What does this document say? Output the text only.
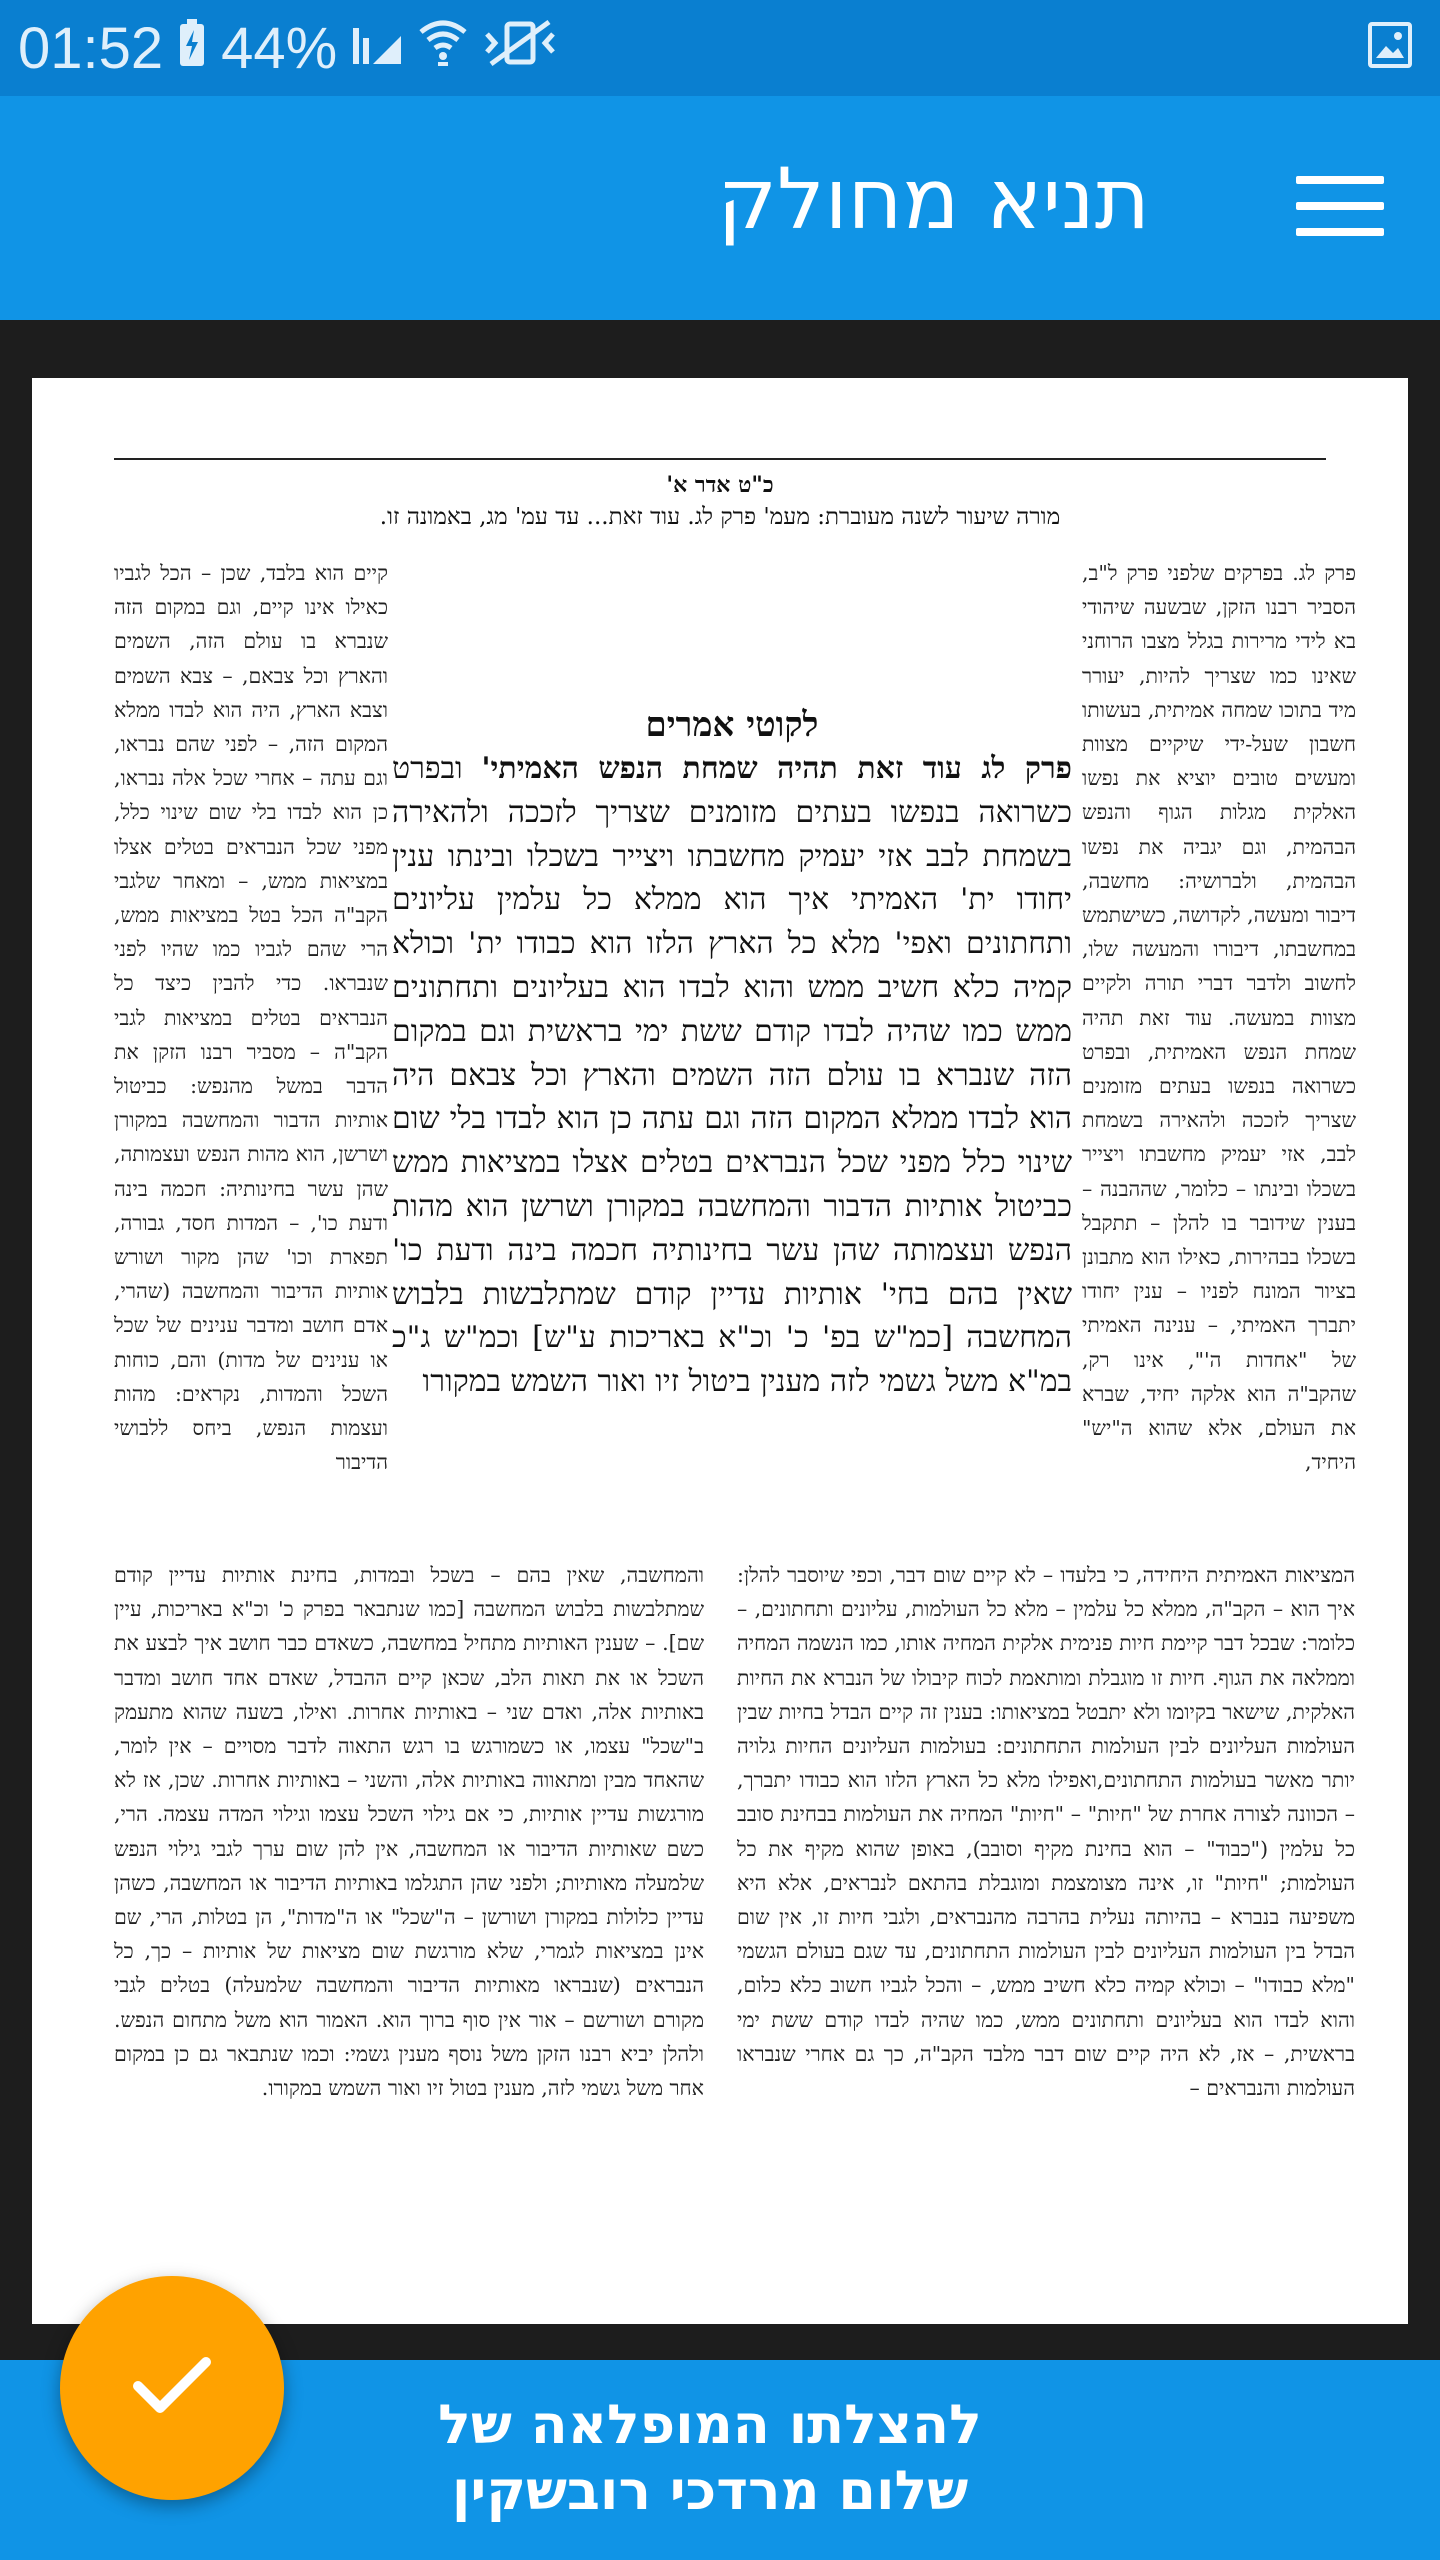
01:52 44%
תניא מחולק
כ"ט אדר א'
מורה שיעור לשנה מעוברת: מעמ' פרק לג. עוד זאת... עד עמ' מג, באמונה זו.
פרק לג. בפרקים שלפני פרק ל"ב, הסביר רבנו הזקן, שבשעה שיהודי בא לידי מרירות בגלל מצבו הרוחני שאינו כמו שצריך להיות, יעורר מיד בתוכו שמחה אמיתית, בעשותו חשבון שעל-ידי שיקיים מצוות ומעשים טובים יוציא את נפשו האלקית מגלות הגוף והנפש הבהמית, וגם יגביה את נפשו הבהמית, ולברושיה: מחשבה, דיבור ומעשה, לקדושה, כשישתמש במחשבתו, דיבורו והמעשה שלו, לחשוב ולדבר דברי תורה ולקיים מצוות במעשה. עוד זאת תהיה שמחת הנפש האמיתית, ובפרט כשרואה בנפשו בעתים מזומנים שצריך לזככה ולהאירה בשמחת לבב, אזי יעמיק מחשבתו ויצייר בשכלו ובינתו – כלומר, שההבנה – בענין שידובר בו להלן – תתקבל בשכלו בבהירות, כאילו הוא מתבונן בציור המונח לפניו – ענין יחודו יתברך האמיתי, – ענינה האמיתי של "אחדות ה'", אינו רק, שהקב"ה הוא אלקה יחיד, שברא את העולם, אלא שהוא ה"יש" היחיד,
קיים הוא בלבד, שכן – הכל לגביו כאילו אינו קיים, וגם במקום הזה שנברא בו עולם הזה, השמים והארץ וכל צבאם, – צבא השמים וצבא הארץ, היה הוא לבדו ממלא המקום הזה, – לפני שהם נבראו, וגם עתה – אחרי שכל אלה נבראו, כן הוא לבדו בלי שום שינוי כלל, מפני שכל הנבראים בטלים אצלו במציאות ממש, – ומאחר שלגבי הקב"ה הכל בטל במציאות ממש, הרי שהם לגביו כמו שהיו לפני שנבראו. כדי להבין כיצד כל הנבראים בטלים במציאות לגבי הקב"ה – מסביר רבנו הזקן את הדבר במשל מהנפש: כביטול אותיות הדבור והמחשבה במקורן ושרשן, הוא מהות הנפש ועצמותה, שהן עשר בחינותיה: חכמה בינה ודעת כו', – המדות חסד, גבורה, תפארת וכו' שהן מקור ושורש אותיות הדיבור והמחשבה (שהרי, אדם חושב ומדבר ענינים של שכל או ענינים של מדות) והם, כוחות השכל והמדות, נקראים: מהות ועצמות הנפש, ביחס ללבושי הדיבור
לקוטי אמרים
פרק לג עוד זאת תהיה שמחת הנפש האמיתי' ובפרט כשרואה בנפשו בעתים מזומנים שצריך לזככה ולהאירה בשמחת לבב אזי יעמיק מחשבתו ויצייר בשכלו ובינתו ענין יחודו ית' האמיתי איך הוא ממלא כל עלמין עליונים ותחתונים ואפי' מלא כל הארץ הלזו הוא כבודו ית' וכולא קמיה כלא חשיב ממש והוא לבדו הוא בעליונים ותחתונים ממש כמו שהיה לבדו קודם ששת ימי בראשית וגם במקום הזה שנברא בו עולם הזה השמים והארץ וכל צבאם היה הוא לבדו ממלא המקום הזה וגם עתה כן הוא לבדו בלי שום שינוי כלל מפני שכל הנבראים בטלים אצלו במציאות ממש כביטול אותיות הדבור והמחשבה במקורן ושרשן הוא מהות הנפש ועצמותה שהן עשר בחינותיה חכמה בינה ודעת כו' שאין בהם בחי' אותיות עדיין קודם שמתלבשות בלבוש המחשבה [כמ"ש בפ' כ' וכ"א באריכות ע"ש] וכמ"ש ג"כ במ"א משל גשמי לזה מענין ביטול זיו ואור השמש במקורו
המציאות האמיתית היחידה, כי בלעדו – לא קיים שום דבר, וכפי שיוסבר להלן: איך הוא – הקב"ה, ממלא כל עלמין – מלא כל העולמות, עליונים ותחתונים, – כלומר: שבכל דבר קיימת חיות פנימית אלקית המחיה אותו, כמו הנשמה המחיה וממלאה את הגוף. חיות זו מוגבלת ומותאמת לכוח קיבולו של הנברא את החיות האלקית, שישאר בקיומו ולא יתבטל במציאותו: בענין זה קיים הבדל בחיות שבין העולמות העליונים לבין העולמות התחתונים: בעולמות העליונים החיות גלויה יותר מאשר בעולמות התחתונים,ואפילו מלא כל הארץ הלזו הוא כבודו יתברך, – הכוונה לצורה אחרת של "חיות" – "חיות" המחיה את העולמות בבחינת סובב כל עלמין ("כבוד" – הוא בחינת מקיף וסובב), באופן שהוא מקיף את כל העולמות; "חיות" זו, אינה מצומצמת ומוגבלת בהתאם לנבראים, אלא היא משפיעה בנברא – בהיותה נעלית בהרבה מהנבראים, ולגבי חיות זו, אין שום הבדל בין העולמות העליונים לבין העולמות התחתונים, עד שגם בעולם הגשמי "מלא כבודו" – וכולא קמיה כלא חשיב ממש, – והכל לגביו חשוב כלא כלום, והוא לבדו הוא בעליונים ותחתונים ממש, כמו שהיה לבדו קודם ששת ימי בראשית, – אז, לא היה קיים שום דבר מלבד הקב"ה, כך גם אחרי שנבראו העולמות והנבראים –
והמחשבה, שאין בהם – בשכל ובמדות, בחינת אותיות עדיין קודם שמתלבשות בלבוש המחשבה [כמו שנתבאר בפרק כ' וכ"א באריכות, עיין שם]. – שענין האותיות מתחיל במחשבה, כשאדם כבר חושב איך לבצע את השכל או את תאות הלב, שכאן קיים ההבדל, שאדם אחד חושב ומדבר באותיות אלה, ואדם שני – באותיות אחרות. ואילו, בשעה שהוא מתעמק ב"שכל" עצמו, או כשמורגש בו רגש התאוה לדבר מסויים – אין לומר, שהאחד מבין ומתאווה באותיות אלה, והשני – באותיות אחרות. שכן, אז לא מורגשות עדיין אותיות, כי אם גילוי השכל עצמו וגילוי המדה עצמה. הרי, כשם שאותיות הדיבור או המחשבה, אין להן שום ערך לגבי גילוי הנפש שלמעלה מאותיות; ולפני שהן התגלמו באותיות הדיבור או המחשבה, כשהן עדיין כלולות במקורן ושורשן – ה"שכל" או ה"מדות", הן בטלות, הרי, שם אינן במציאות לגמרי, שלא מורגשת שום מציאות של אותיות – כך, כל הנבראים (שנבראו מאותיות הדיבור והמחשבה שלמעלה) בטלים לגבי מקורם ושורשם – אור אין סוף ברוך הוא. האמור הוא משל מתחום הנפש. ולהלן יביא רבנו הזקן משל נוסף מענין גשמי: וכמו שנתבאר גם כן במקום אחר משל גשמי לזה, מענין בטול זיו ואור השמש במקורו.
להצלתו המופלאה של
שלום מרדכי רובשקין
